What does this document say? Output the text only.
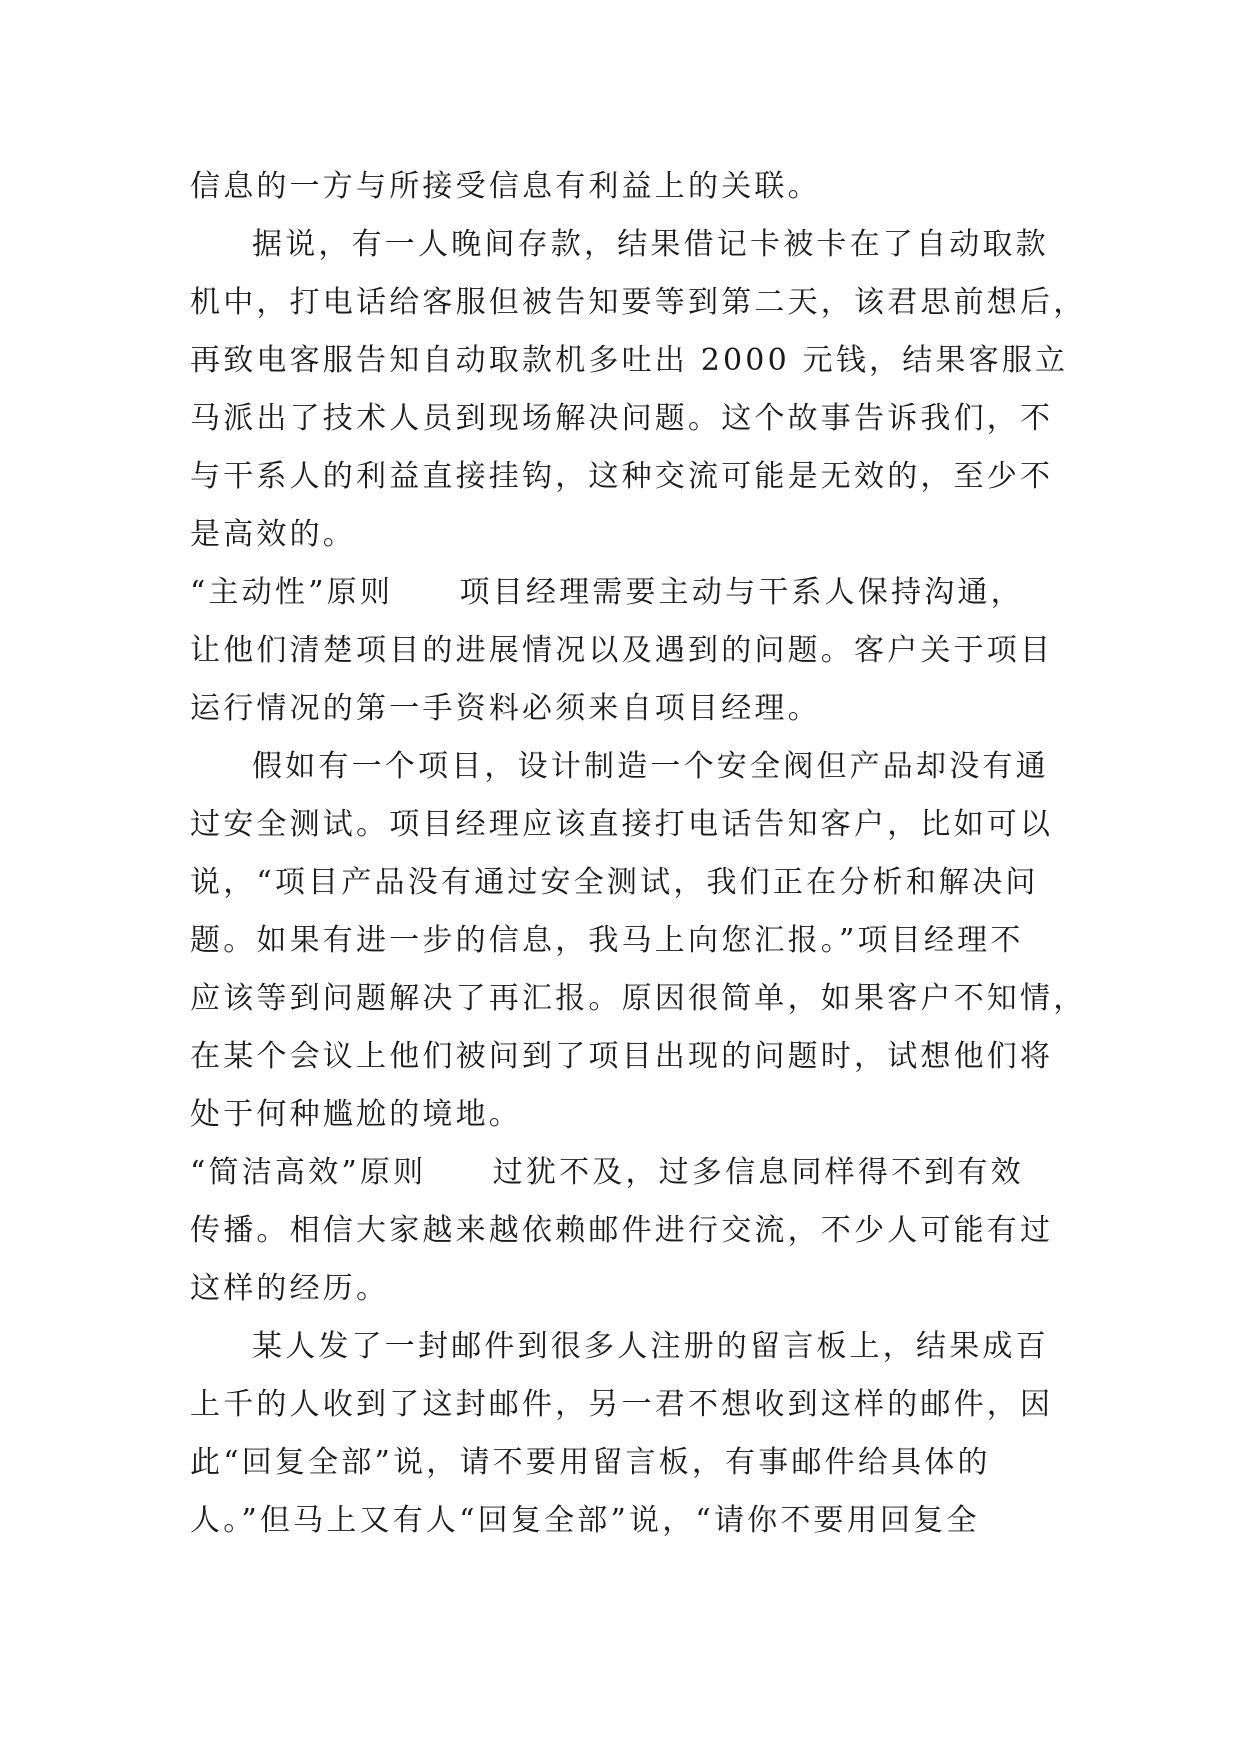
信息的一方与所接受信息有利益上的关联。
据说，有一人晚间存款，结果借记卡被卡在了自动取款
机中，打电话给客服但被告知要等到第二天，该君思前想后，
再致电客服告知自动取款机多吐出 2000 元钱，结果客服立
马派出了技术人员到现场解决问题。这个故事告诉我们，不
与干系人的利益直接挂钩，这种交流可能是无效的，至少不
是高效的。
“主动性”原则　　项目经理需要主动与干系人保持沟通，
让他们清楚项目的进展情况以及遇到的问题。客户关于项目
运行情况的第一手资料必须来自项目经理。
假如有一个项目，设计制造一个安全阀但产品却没有通
过安全测试。项目经理应该直接打电话告知客户，比如可以
说，“项目产品没有通过安全测试，我们正在分析和解决问
题。如果有进一步的信息，我马上向您汇报。”项目经理不
应该等到问题解决了再汇报。原因很简单，如果客户不知情，
在某个会议上他们被问到了项目出现的问题时，试想他们将
处于何种尴尬的境地。
“简洁高效”原则　　过犹不及，过多信息同样得不到有效
传播。相信大家越来越依赖邮件进行交流，不少人可能有过
这样的经历。
某人发了一封邮件到很多人注册的留言板上，结果成百
上千的人收到了这封邮件，另一君不想收到这样的邮件，因
此“回复全部”说，请不要用留言板，有事邮件给具体的
人。”但马上又有人“回复全部”说，“请你不要用回复全
